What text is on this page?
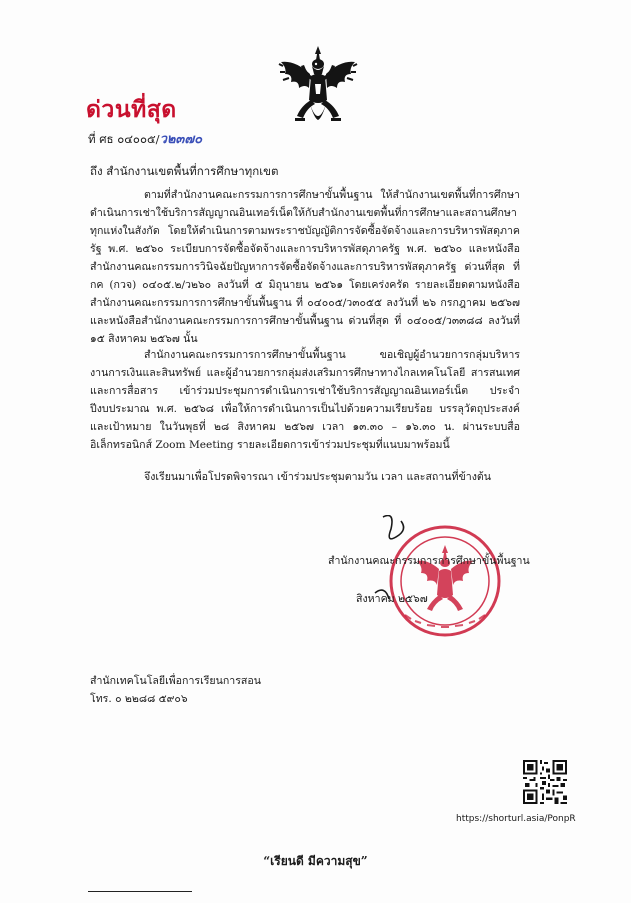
ด่วนที่สุด
ที่ ศธ ๐๔๐๐๕/ว๒๓๗๐
ถึง สำนักงานเขตพื้นที่การศึกษาทุกเขต
ตามที่สำนักงานคณะกรรมการการศึกษาขั้นพื้นฐาน ให้สำนักงานเขตพื้นที่การศึกษาดำเนินการเช่าใช้บริการสัญญาณอินเทอร์เน็ตให้กับสำนักงานเขตพื้นที่การศึกษาและสถานศึกษาทุกแห่งในสังกัด โดยให้ดำเนินการตามพระราชบัญญัติการจัดซื้อจัดจ้างและการบริหารพัสดุภาครัฐ พ.ศ. ๒๕๖๐ ระเบียบการจัดซื้อจัดจ้างและการบริหารพัสดุภาครัฐ พ.ศ. ๒๕๖๐ และหนังสือสำนักงานคณะกรรมการวินิจฉัยปัญหาการจัดซื้อจัดจ้างและการบริหารพัสดุภาครัฐ ด่วนที่สุด ที่ กค (กวจ) ๐๔๐๕.๒/ว๒๖๐ ลงวันที่ ๕ มิถุนายน ๒๕๖๑ โดยเคร่งครัด รายละเอียดตามหนังสือสำนักงานคณะกรรมการการศึกษาขั้นพื้นฐาน ที่ ๐๔๐๐๕/ว๓๐๕๕ ลงวันที่ ๒๖ กรกฎาคม ๒๕๖๗ และหนังสือสำนักงานคณะกรรมการการศึกษาขั้นพื้นฐาน ด่วนที่สุด ที่ ๐๔๐๐๕/ว๓๓๘๘ ลงวันที่ ๑๕ สิงหาคม ๒๕๖๗ นั้น
สำนักงานคณะกรรมการการศึกษาขั้นพื้นฐาน ขอเชิญผู้อำนวยการกลุ่มบริหารงานการเงินและสินทรัพย์ และผู้อำนวยการกลุ่มส่งเสริมการศึกษาทางไกลเทคโนโลยี สารสนเทศและการสื่อสาร เข้าร่วมประชุมการดำเนินการเช่าใช้บริการสัญญาณอินเทอร์เน็ต ประจำปีงบประมาณ พ.ศ. ๒๕๖๘ เพื่อให้การดำเนินการเป็นไปด้วยความเรียบร้อย บรรลุวัตถุประสงค์และเป้าหมาย ในวันพุธที่ ๒๘ สิงหาคม ๒๕๖๗ เวลา ๑๓.๓๐ – ๑๖.๓๐ น. ผ่านระบบสื่ออิเล็กทรอนิกส์ Zoom Meeting รายละเอียดการเข้าร่วมประชุมที่แนบมาพร้อมนี้
จึงเรียนมาเพื่อโปรดพิจารณา เข้าร่วมประชุมตามวัน เวลา และสถานที่ข้างต้น
สำนักงานคณะกรรมการการศึกษาขั้นพื้นฐาน
สิงหาคม ๒๕๖๗
สำนักเทคโนโลยีเพื่อการเรียนการสอน
โทร. ๐ ๒๒๘๘ ๕๙๐๖
https://shorturl.asia/PonpR
“เรียนดี มีความสุข”
